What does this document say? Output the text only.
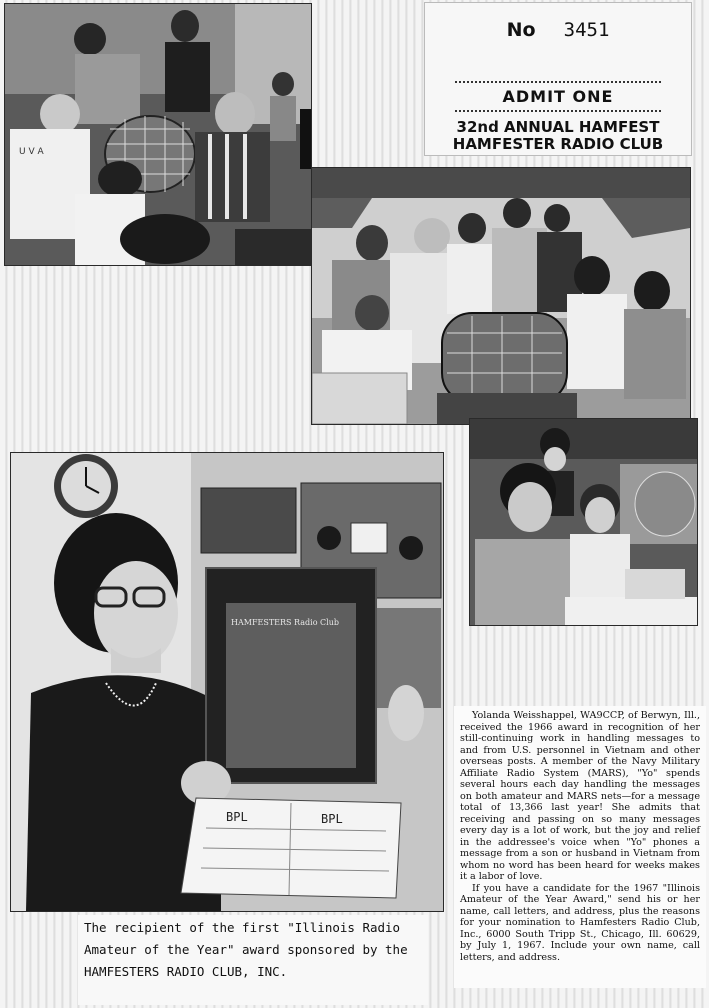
No 3451
ADMIT ONE
32nd ANNUAL HAMFEST
HAMFESTER RADIO CLUB
U V A
HAMFESTERS Radio Club
BPL	BPL
The recipient of the first "Illinois Radio Amateur of the Year" award sponsored by the HAMFESTERS RADIO CLUB, INC.

Yolanda Weisshappel, WA9CCP, of Berwyn, Ill., received the 1966 award in recognition of her still-continuing work in handling messages to and from U.S. personnel in Vietnam and other overseas posts. A member of the Navy Military Affiliate Radio System (MARS), "Yo" spends several hours each day handling the messages on both amateur and MARS nets—for a message total of 13,366 last year! She admits that receiving and passing on so many messages every day is a lot of work, but the joy and relief in the addressee's voice when "Yo" phones a message from a son or husband in Vietnam from whom no word has been heard for weeks makes it a labor of love.

If you have a candidate for the 1967 "Illinois Amateur of the Year Award," send his or her name, call letters, and address, plus the reasons for your nomination to Hamfesters Radio Club, Inc., 6000 South Tripp St., Chicago, Ill. 60629, by July 1, 1967. Include your own name, call letters, and address.
